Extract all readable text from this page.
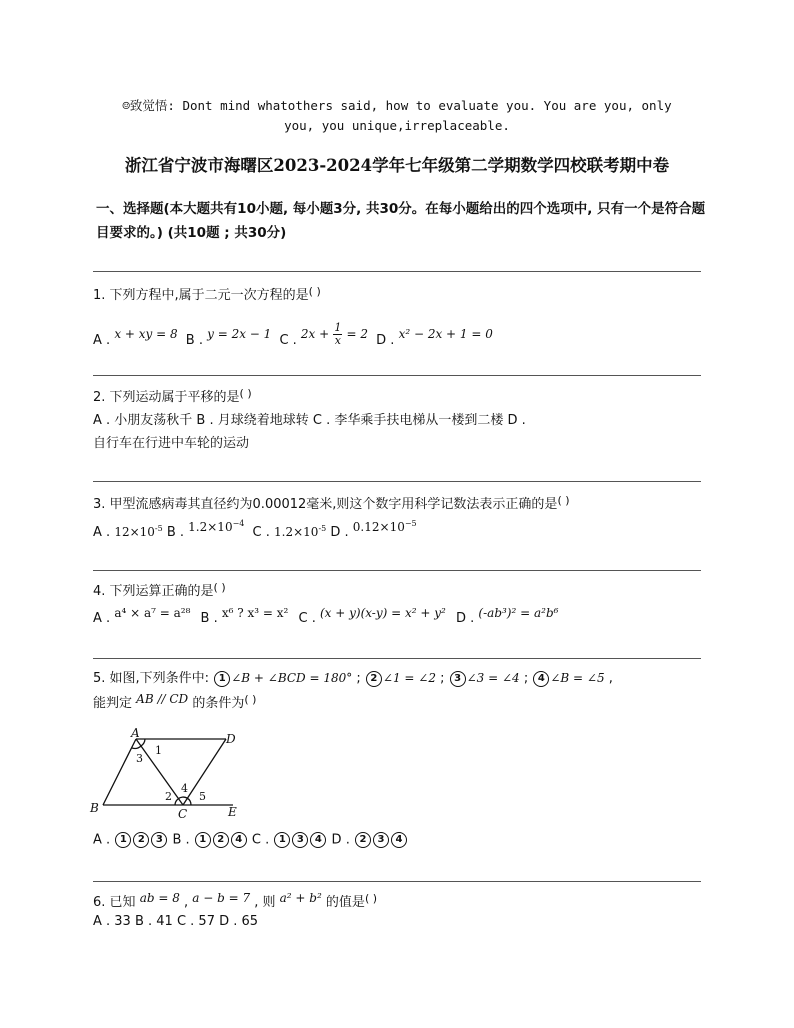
☺致觉悟: Dont mind whatothers said, how to evaluate you. You are you, only
you, you unique,irreplaceable.
浙江省宁波市海曙区2023-2024学年七年级第二学期数学四校联考期中卷
一、选择题(本大题共有10小题, 每小题3分, 共30分。在每小题给出的四个选项中, 只有一个是符合题目要求的。) (共10题 ; 共30分)
1. 下列方程中,属于二元一次方程的是( )
A . x + xy = 8 B . y = 2x − 1 C . $2x + \frac{1}{x} = 2$ D . x² − 2x + 1 = 0
2. 下列运动属于平移的是( )
A . 小朋友荡秋千 B . 月球绕着地球转 C . 李华乘手扶电梯从一楼到二楼 D .
自行车在行进中车轮的运动
3. 甲型流感病毒其直径约为0.00012毫米,则这个数字用科学记数法表示正确的是( )
A . $12\times 10^{-5}$ B . $1.2\times 10^{-4}$ C . $1.2\times 10^{-5}$ D . $0.12\times 10^{-5}$
4. 下列运算正确的是( )
A . a⁴ × a⁷ = a²⁸ B . x⁶ ? x³ = x² C . (x + y)(x-y) = x² + y² D . (-ab³)² = a²b⁶
5. 如图,下列条件中: 1 ∠B + ∠BCD = 180° ; 2 ∠1 = ∠2 ; 3 ∠3 = ∠4 ; 4 ∠B = ∠5 ,
能判定 AB // CD 的条件为( )
A
B	C
D
E
1
3
2
4
5
A . 1 2 3 B . 1 2 4 C . 1 3 4 D . 2 3 4
6. 已知 ab = 8 , a − b = 7 , 则 a² + b² 的值是( )
A . 33 B . 41 C . 57 D . 65
